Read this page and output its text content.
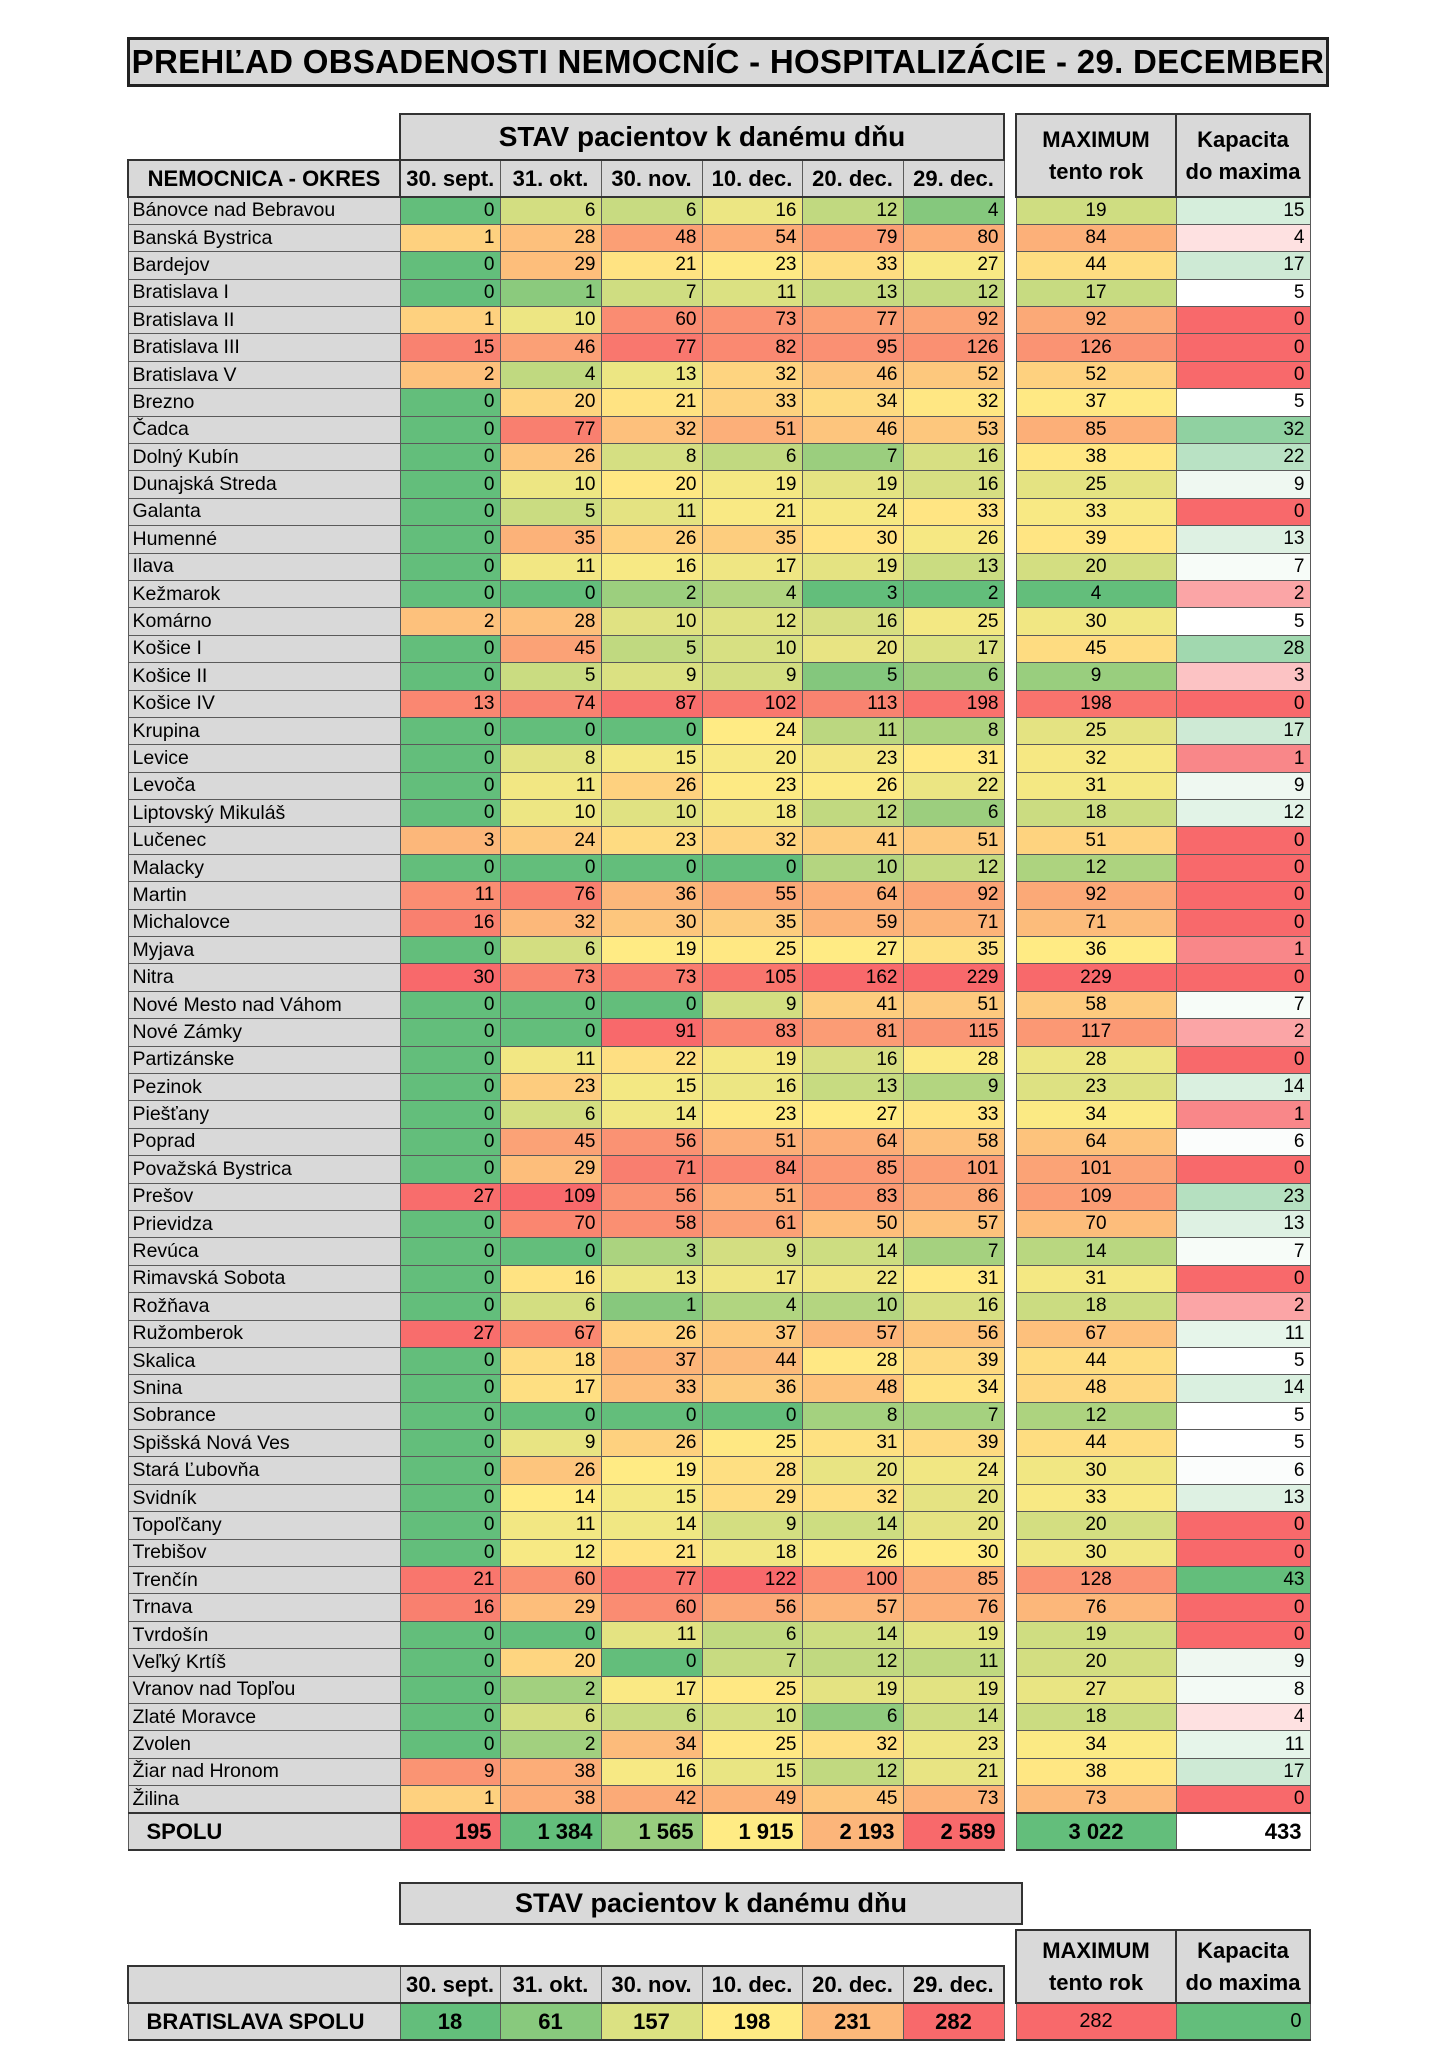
PREHĽAD OBSADENOSTI NEMOCNÍC - HOSPITALIZÁCIE - 29. DECEMBER
	STAV pacientov k danému dňu							MAXIMUM
tento rok	Kapacita
do maxima
NEMOCNICA - OKRES	30. sept.	31. okt.	30. nov.	10. dec.	20. dec.	29. dec.			
Bánovce nad Bebravou	0	6	6	16	12	4		19	15
Banská Bystrica	1	28	48	54	79	80		84	4
Bardejov	0	29	21	23	33	27		44	17
Bratislava I	0	1	7	11	13	12		17	5
Bratislava II	1	10	60	73	77	92		92	0
Bratislava III	15	46	77	82	95	126		126	0
Bratislava V	2	4	13	32	46	52		52	0
Brezno	0	20	21	33	34	32		37	5
Čadca	0	77	32	51	46	53		85	32
Dolný Kubín	0	26	8	6	7	16		38	22
Dunajská Streda	0	10	20	19	19	16		25	9
Galanta	0	5	11	21	24	33		33	0
Humenné	0	35	26	35	30	26		39	13
Ilava	0	11	16	17	19	13		20	7
Kežmarok	0	0	2	4	3	2		4	2
Komárno	2	28	10	12	16	25		30	5
Košice I	0	45	5	10	20	17		45	28
Košice II	0	5	9	9	5	6		9	3
Košice IV	13	74	87	102	113	198		198	0
Krupina	0	0	0	24	11	8		25	17
Levice	0	8	15	20	23	31		32	1
Levoča	0	11	26	23	26	22		31	9
Liptovský Mikuláš	0	10	10	18	12	6		18	12
Lučenec	3	24	23	32	41	51		51	0
Malacky	0	0	0	0	10	12		12	0
Martin	11	76	36	55	64	92		92	0
Michalovce	16	32	30	35	59	71		71	0
Myjava	0	6	19	25	27	35		36	1
Nitra	30	73	73	105	162	229		229	0
Nové Mesto nad Váhom	0	0	0	9	41	51		58	7
Nové Zámky	0	0	91	83	81	115		117	2
Partizánske	0	11	22	19	16	28		28	0
Pezinok	0	23	15	16	13	9		23	14
Piešťany	0	6	14	23	27	33		34	1
Poprad	0	45	56	51	64	58		64	6
Považská Bystrica	0	29	71	84	85	101		101	0
Prešov	27	109	56	51	83	86		109	23
Prievidza	0	70	58	61	50	57		70	13
Revúca	0	0	3	9	14	7		14	7
Rimavská Sobota	0	16	13	17	22	31		31	0
Rožňava	0	6	1	4	10	16		18	2
Ružomberok	27	67	26	37	57	56		67	11
Skalica	0	18	37	44	28	39		44	5
Snina	0	17	33	36	48	34		48	14
Sobrance	0	0	0	0	8	7		12	5
Spišská Nová Ves	0	9	26	25	31	39		44	5
Stará Ľubovňa	0	26	19	28	20	24		30	6
Svidník	0	14	15	29	32	20		33	13
Topoľčany	0	11	14	9	14	20		20	0
Trebišov	0	12	21	18	26	30		30	0
Trenčín	21	60	77	122	100	85		128	43
Trnava	16	29	60	56	57	76		76	0
Tvrdošín	0	0	11	6	14	19		19	0
Veľký Krtíš	0	20	0	7	12	11		20	9
Vranov nad Topľou	0	2	17	25	19	19		27	8
Zlaté Moravce	0	6	6	10	6	14		18	4
Zvolen	0	2	34	25	32	23		34	11
Žiar nad Hronom	9	38	16	15	12	21		38	17
Žilina	1	38	42	49	45	73		73	0
SPOLU	195	1 384	1 565	1 915	2 193	2 589		3 022	433
STAV pacientov k danému dňu
								MAXIMUM
tento rok	Kapacita
do maxima
	30. sept.	31. okt.	30. nov.	10. dec.	20. dec.	29. dec.			
BRATISLAVA SPOLU	18	61	157	198	231	282		282	0
